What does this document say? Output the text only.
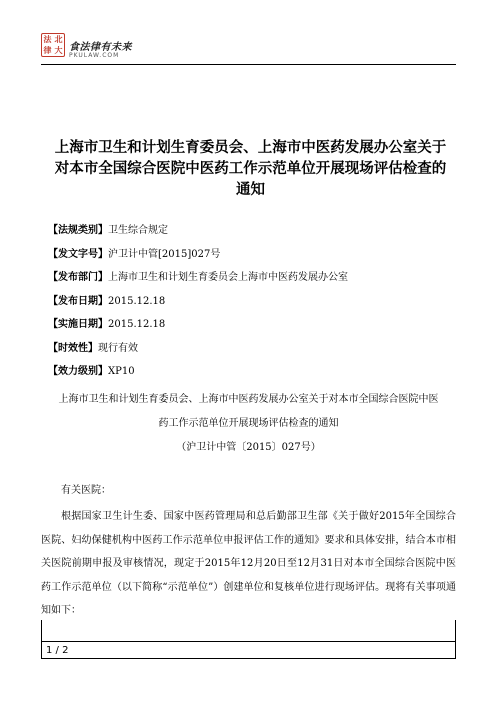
法 北
律 大 食法律有未来
PKULAW.COM
上海市卫生和计划生育委员会、上海市中医药发展办公室关于对本市全国综合医院中医药工作示范单位开展现场评估检查的通知
【法规类别】卫生综合规定
【发文字号】沪卫计中管[2015]027号
【发布部门】上海市卫生和计划生育委员会上海市中医药发展办公室
【发布日期】2015.12.18
【实施日期】2015.12.18
【时效性】现行有效
【效力级别】XP10
上海市卫生和计划生育委员会、上海市中医药发展办公室关于对本市全国综合医院中医
药工作示范单位开展现场评估检查的通知
（沪卫计中管〔2015〕027号）
有关医院：
根据国家卫生计生委、国家中医药管理局和总后勤部卫生部《关于做好2015年全国综合医院、妇幼保健机构中医药工作示范单位申报评估工作的通知》要求和具体安排，结合本市相关医院前期申报及审核情况，现定于2015年12月20日至12月31日对本市全国综合医院中医药工作示范单位（以下简称“示范单位”）创建单位和复核单位进行现场评估。现将有关事项通知如下：
1 / 2
